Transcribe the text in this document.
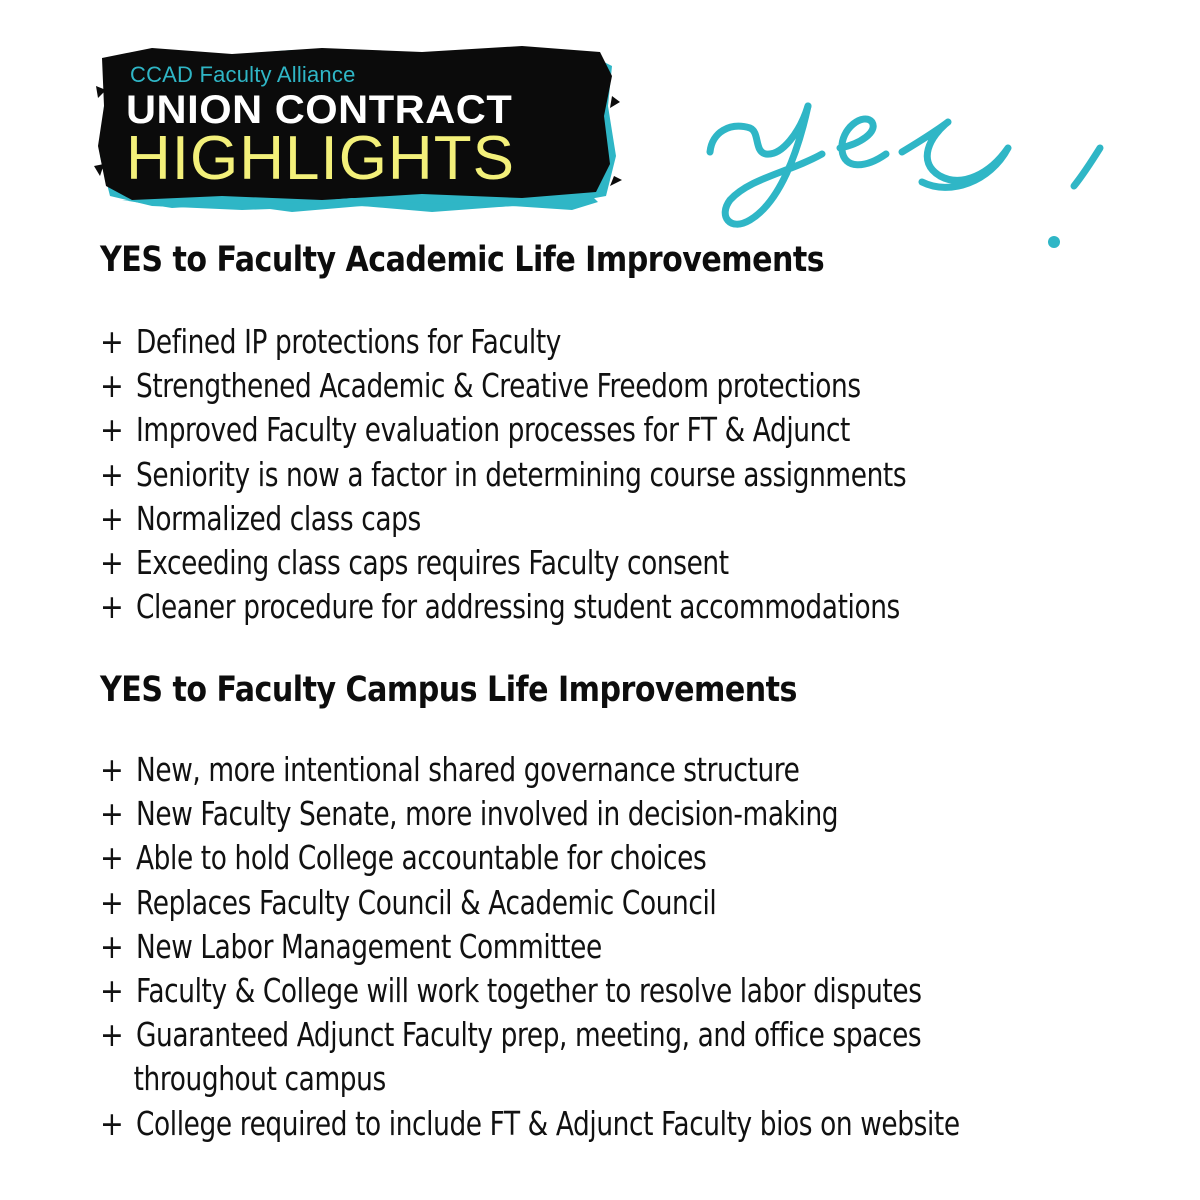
CCAD Faculty Alliance
UNION CONTRACT
HIGHLIGHTS
YES to Faculty Academic Life Improvements
+ Defined IP protections for Faculty
+ Strengthened Academic & Creative Freedom protections
+ Improved Faculty evaluation processes for FT & Adjunct
+ Seniority is now a factor in determining course assignments
+ Normalized class caps
+ Exceeding class caps requires Faculty consent
+ Cleaner procedure for addressing student accommodations
YES to Faculty Campus Life Improvements
+ New, more intentional shared governance structure
+ New Faculty Senate, more involved in decision-making
+ Able to hold College accountable for choices
+ Replaces Faculty Council & Academic Council
+ New Labor Management Committee
+ Faculty & College will work together to resolve labor disputes
+ Guaranteed Adjunct Faculty prep, meeting, and office spaces
throughout campus
+ College required to include FT & Adjunct Faculty bios on website
